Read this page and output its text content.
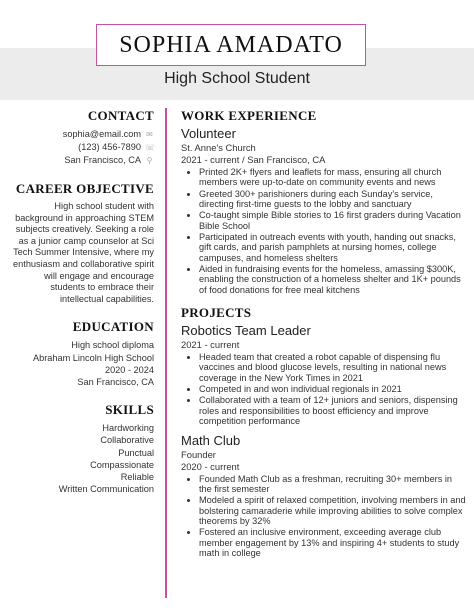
SOPHIA AMADATO
High School Student
CONTACT
sophia@email.com ✉
(123) 456-7890 ☏
San Francisco, CA ⚲
CAREER OBJECTIVE
High school student with background in approaching STEM subjects creatively. Seeking a role as a junior camp counselor at Sci Tech Summer Intensive, where my enthusiasm and collaborative spirit will engage and encourage students to embrace their intellectual capabilities.
EDUCATION
High school diploma
Abraham Lincoln High School
2020 - 2024
San Francisco, CA
SKILLS
Hardworking
Collaborative
Punctual
Compassionate
Reliable
Written Communication
WORK EXPERIENCE
Volunteer
St. Anne's Church
2021 - current / San Francisco, CA
• Printed 2K+ flyers and leaflets for mass, ensuring all church members were up-to-date on community events and news
• Greeted 300+ parishioners during each Sunday's service, directing first-time guests to the lobby and sanctuary
• Co-taught simple Bible stories to 16 first graders during Vacation Bible School
• Participated in outreach events with youth, handing out snacks, gift cards, and parish pamphlets at nursing homes, college campuses, and homeless shelters
• Aided in fundraising events for the homeless, amassing $300K, enabling the construction of a homeless shelter and 1K+ pounds of food donations for free meal kitchens
PROJECTS
Robotics Team Leader
2021 - current
• Headed team that created a robot capable of dispensing flu vaccines and blood glucose levels, resulting in national news coverage in the New York Times in 2021
• Competed in and won individual regionals in 2021
• Collaborated with a team of 12+ juniors and seniors, dispensing roles and responsibilities to boost efficiency and improve competition performance
Math Club
Founder
2020 - current
• Founded Math Club as a freshman, recruiting 30+ members in the first semester
• Modeled a spirit of relaxed competition, involving members in and bolstering camaraderie while improving abilities to solve complex theorems by 32%
• Fostered an inclusive environment, exceeding average club member engagement by 13% and inspiring 4+ students to study math in college
